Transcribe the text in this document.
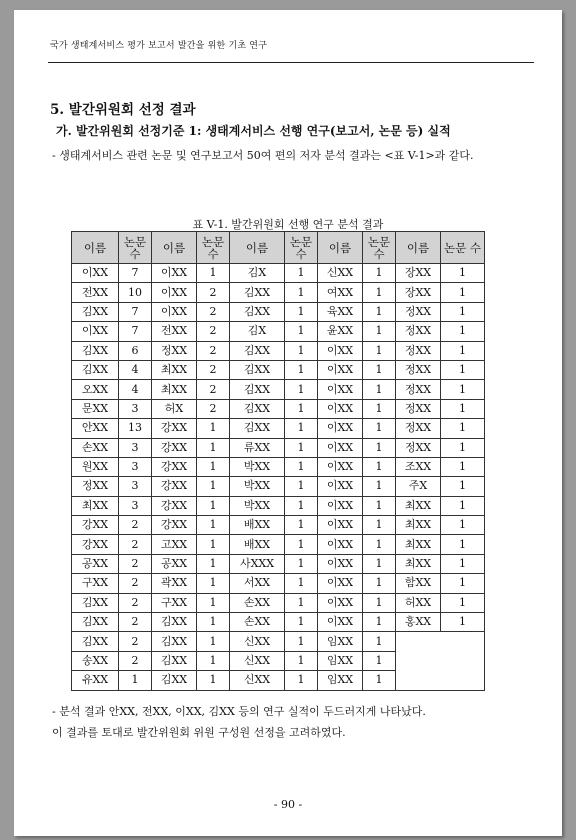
국가 생태계서비스 평가 보고서 발간을 위한 기초 연구
5. 발간위원회 선정 결과
가. 발간위원회 선정기준 1: 생태계서비스 선행 연구(보고서, 논문 등) 실적
- 생태계서비스 관련 논문 및 연구보고서 50여 편의 저자 분석 결과는 <표 V-1>과 같다.
표 V-1. 발간위원회 선행 연구 분석 결과
이름	논문 수	이름	논문 수	이름	논문 수	이름	논문 수	이름	논문 수
이XX	7	이XX	1	김X	1	신XX	1	장XX	1
전XX	10	이XX	2	김XX	1	여XX	1	장XX	1
김XX	7	이XX	2	김XX	1	육XX	1	정XX	1
이XX	7	전XX	2	김X	1	윤XX	1	정XX	1
김XX	6	정XX	2	김XX	1	이XX	1	정XX	1
김XX	4	최XX	2	김XX	1	이XX	1	정XX	1
오XX	4	최XX	2	김XX	1	이XX	1	정XX	1
문XX	3	허X	2	김XX	1	이XX	1	정XX	1
안XX	13	강XX	1	김XX	1	이XX	1	정XX	1
손XX	3	강XX	1	류XX	1	이XX	1	정XX	1
원XX	3	강XX	1	박XX	1	이XX	1	조XX	1
정XX	3	강XX	1	박XX	1	이XX	1	주X	1
최XX	3	강XX	1	박XX	1	이XX	1	최XX	1
강XX	2	강XX	1	배XX	1	이XX	1	최XX	1
강XX	2	고XX	1	배XX	1	이XX	1	최XX	1
공XX	2	공XX	1	사XXX	1	이XX	1	최XX	1
구XX	2	곽XX	1	서XX	1	이XX	1	함XX	1
김XX	2	구XX	1	손XX	1	이XX	1	허XX	1
김XX	2	김XX	1	손XX	1	이XX	1	홍XX	1
김XX	2	김XX	1	신XX	1	임XX	1		
송XX	2	김XX	1	신XX	1	임XX	1		
유XX	1	김XX	1	신XX	1	임XX	1		
- 분석 결과 안XX, 전XX, 이XX, 김XX 등의 연구 실적이 두드러지게 나타났다.
이 결과를 토대로 발간위원회 위원 구성원 선정을 고려하였다.
- 90 -
